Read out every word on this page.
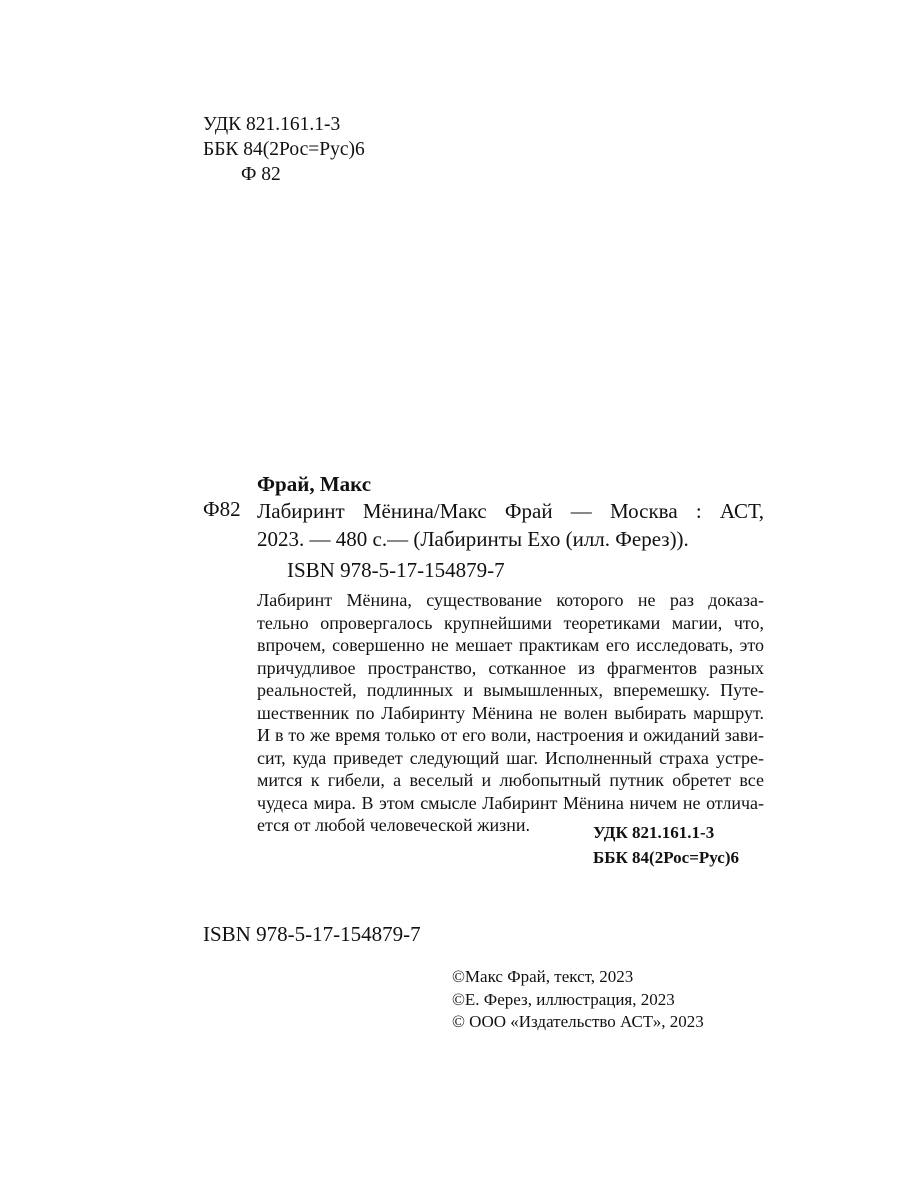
УДК 821.161.1-3
ББК 84(2Рос=Рус)6
Ф 82
Фрай, Макс
Ф82 Лабиринт Мёнина/Макс Фрай — Москва : АСТ,
2023. — 480 с.— (Лабиринты Ехо (илл. Ферез)).
ISBN 978-5-17-154879-7
Лабиринт Мёнина, существование которого не раз доказа-
тельно опровергалось крупнейшими теоретиками магии, что,
впрочем, совершенно не мешает практикам его исследовать, это
причудливое пространство, сотканное из фрагментов разных
реальностей, подлинных и вымышленных, вперемешку. Путе-
шественник по Лабиринту Мёнина не волен выбирать маршрут.
И в то же время только от его воли, настроения и ожиданий зави-
сит, куда приведет следующий шаг. Исполненный страха устре-
мится к гибели, а веселый и любопытный путник обретет все
чудеса мира. В этом смысле Лабиринт Мёнина ничем не отлича-
ется от любой человеческой жизни.	УДК 821.161.1-3
ББК 84(2Рос=Рус)6
ISBN 978-5-17-154879-7
©Макс Фрай, текст, 2023
©Е. Ферез, иллюстрация, 2023
© ООО «Издательство АСТ», 2023
